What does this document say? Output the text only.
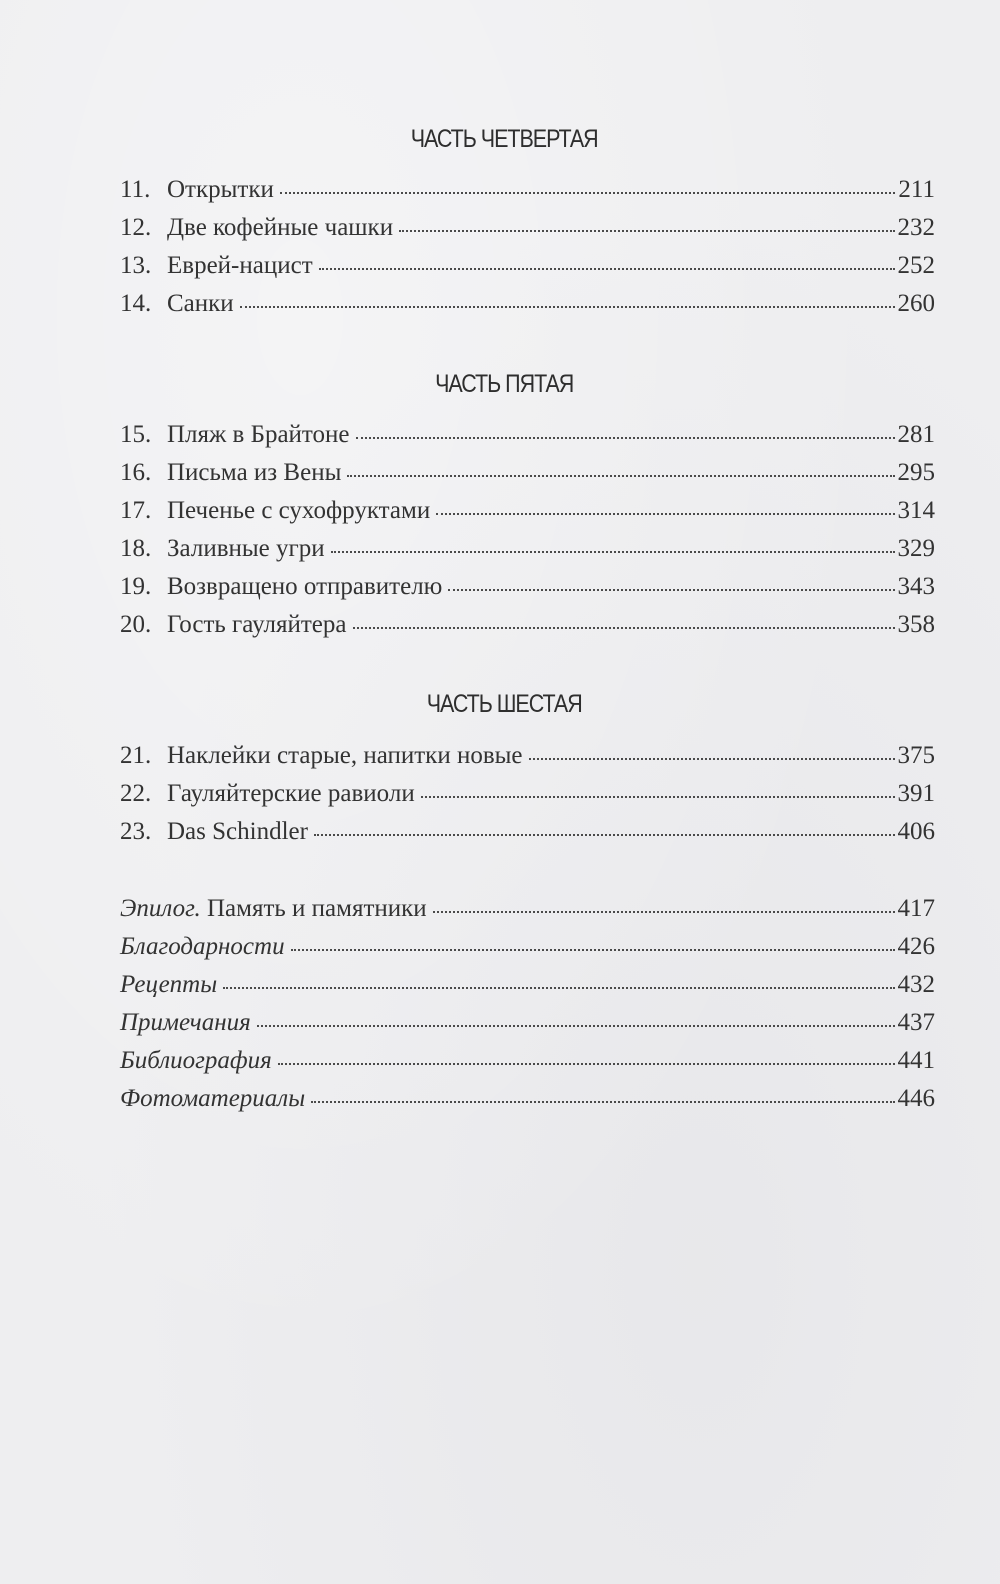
ЧАСТЬ ЧЕТВЕРТАЯ
11. Открытки	211
12. Две кофейные чашки	232
13. Еврей-нацист	252
14. Санки	260
ЧАСТЬ ПЯТАЯ
15. Пляж в Брайтоне	281
16. Письма из Вены	295
17. Печенье с сухофруктами	314
18. Заливные угри	329
19. Возвращено отправителю	343
20. Гость гауляйтера	358
ЧАСТЬ ШЕСТАЯ
21. Наклейки старые, напитки новые	375
22. Гауляйтерские равиоли	391
23. Das Schindler	406
Эпилог. Память и памятники	417
Благодарности	426
Рецепты	432
Примечания	437
Библиография	441
Фотоматериалы	446
